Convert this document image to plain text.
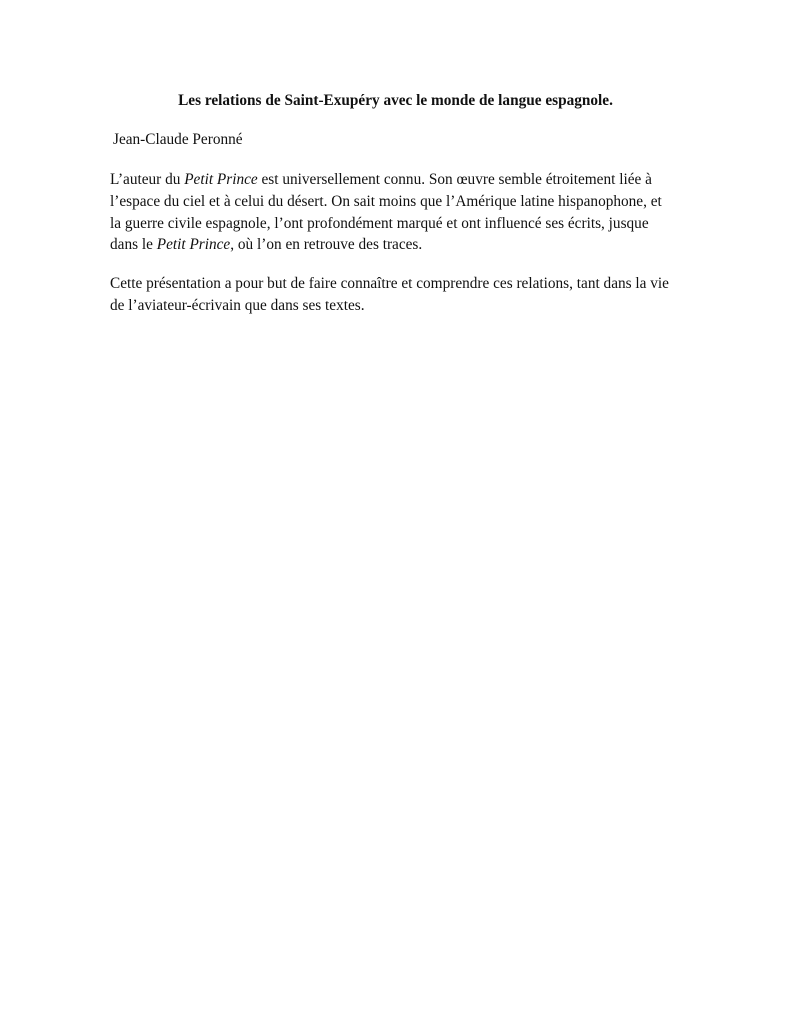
Les relations de Saint-Exupéry avec le monde de langue espagnole.

Jean-Claude Peronné

L’auteur du Petit Prince est universellement connu. Son œuvre semble étroitement liée à
l’espace du ciel et à celui du désert. On sait moins que l’Amérique latine hispanophone, et
la guerre civile espagnole, l’ont profondément marqué et ont influencé ses écrits, jusque
dans le Petit Prince, où l’on en retrouve des traces.

Cette présentation a pour but de faire connaître et comprendre ces relations, tant dans la vie
de l’aviateur-écrivain que dans ses textes.
